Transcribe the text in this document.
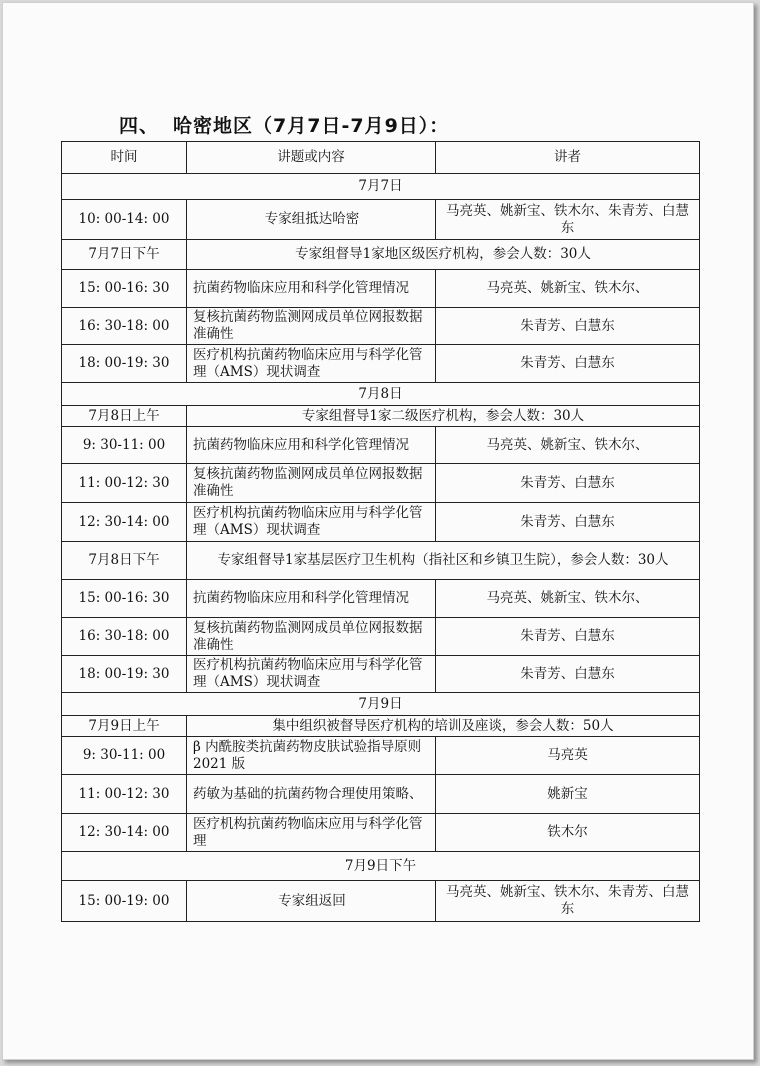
四、 哈密地区（7月7日-7月9日）：
时间	讲题或内容	讲者
7月7日		
10: 00-14: 00	专家组抵达哈密	马亮英、姚新宝、铁木尔、朱青芳、白慧东
7月7日下午	专家组督导1家地区级医疗机构，参会人数：30人	
15: 00-16: 30	抗菌药物临床应用和科学化管理情况	马亮英、姚新宝、铁木尔、
16: 30-18: 00	复核抗菌药物监测网成员单位网报数据准确性	朱青芳、白慧东
18: 00-19: 30	医疗机构抗菌药物临床应用与科学化管理（AMS）现状调查	朱青芳、白慧东
7月8日		
7月8日上午	专家组督导1家二级医疗机构，参会人数：30人	
9: 30-11: 00	抗菌药物临床应用和科学化管理情况	马亮英、姚新宝、铁木尔、
11: 00-12: 30	复核抗菌药物监测网成员单位网报数据准确性	朱青芳、白慧东
12: 30-14: 00	医疗机构抗菌药物临床应用与科学化管理（AMS）现状调查	朱青芳、白慧东
7月8日下午	专家组督导1家基层医疗卫生机构（指社区和乡镇卫生院），参会人数：30人	
15: 00-16: 30	抗菌药物临床应用和科学化管理情况	马亮英、姚新宝、铁木尔、
16: 30-18: 00	复核抗菌药物监测网成员单位网报数据准确性	朱青芳、白慧东
18: 00-19: 30	医疗机构抗菌药物临床应用与科学化管理（AMS）现状调查	朱青芳、白慧东
7月9日		
7月9日上午	集中组织被督导医疗机构的培训及座谈，参会人数：50人	
9: 30-11: 00	β 内酰胺类抗菌药物皮肤试验指导原则 2021 版	马亮英
11: 00-12: 30	药敏为基础的抗菌药物合理使用策略、	姚新宝
12: 30-14: 00	医疗机构抗菌药物临床应用与科学化管理	铁木尔
7月9日下午		
15: 00-19: 00	专家组返回	马亮英、姚新宝、铁木尔、朱青芳、白慧东
